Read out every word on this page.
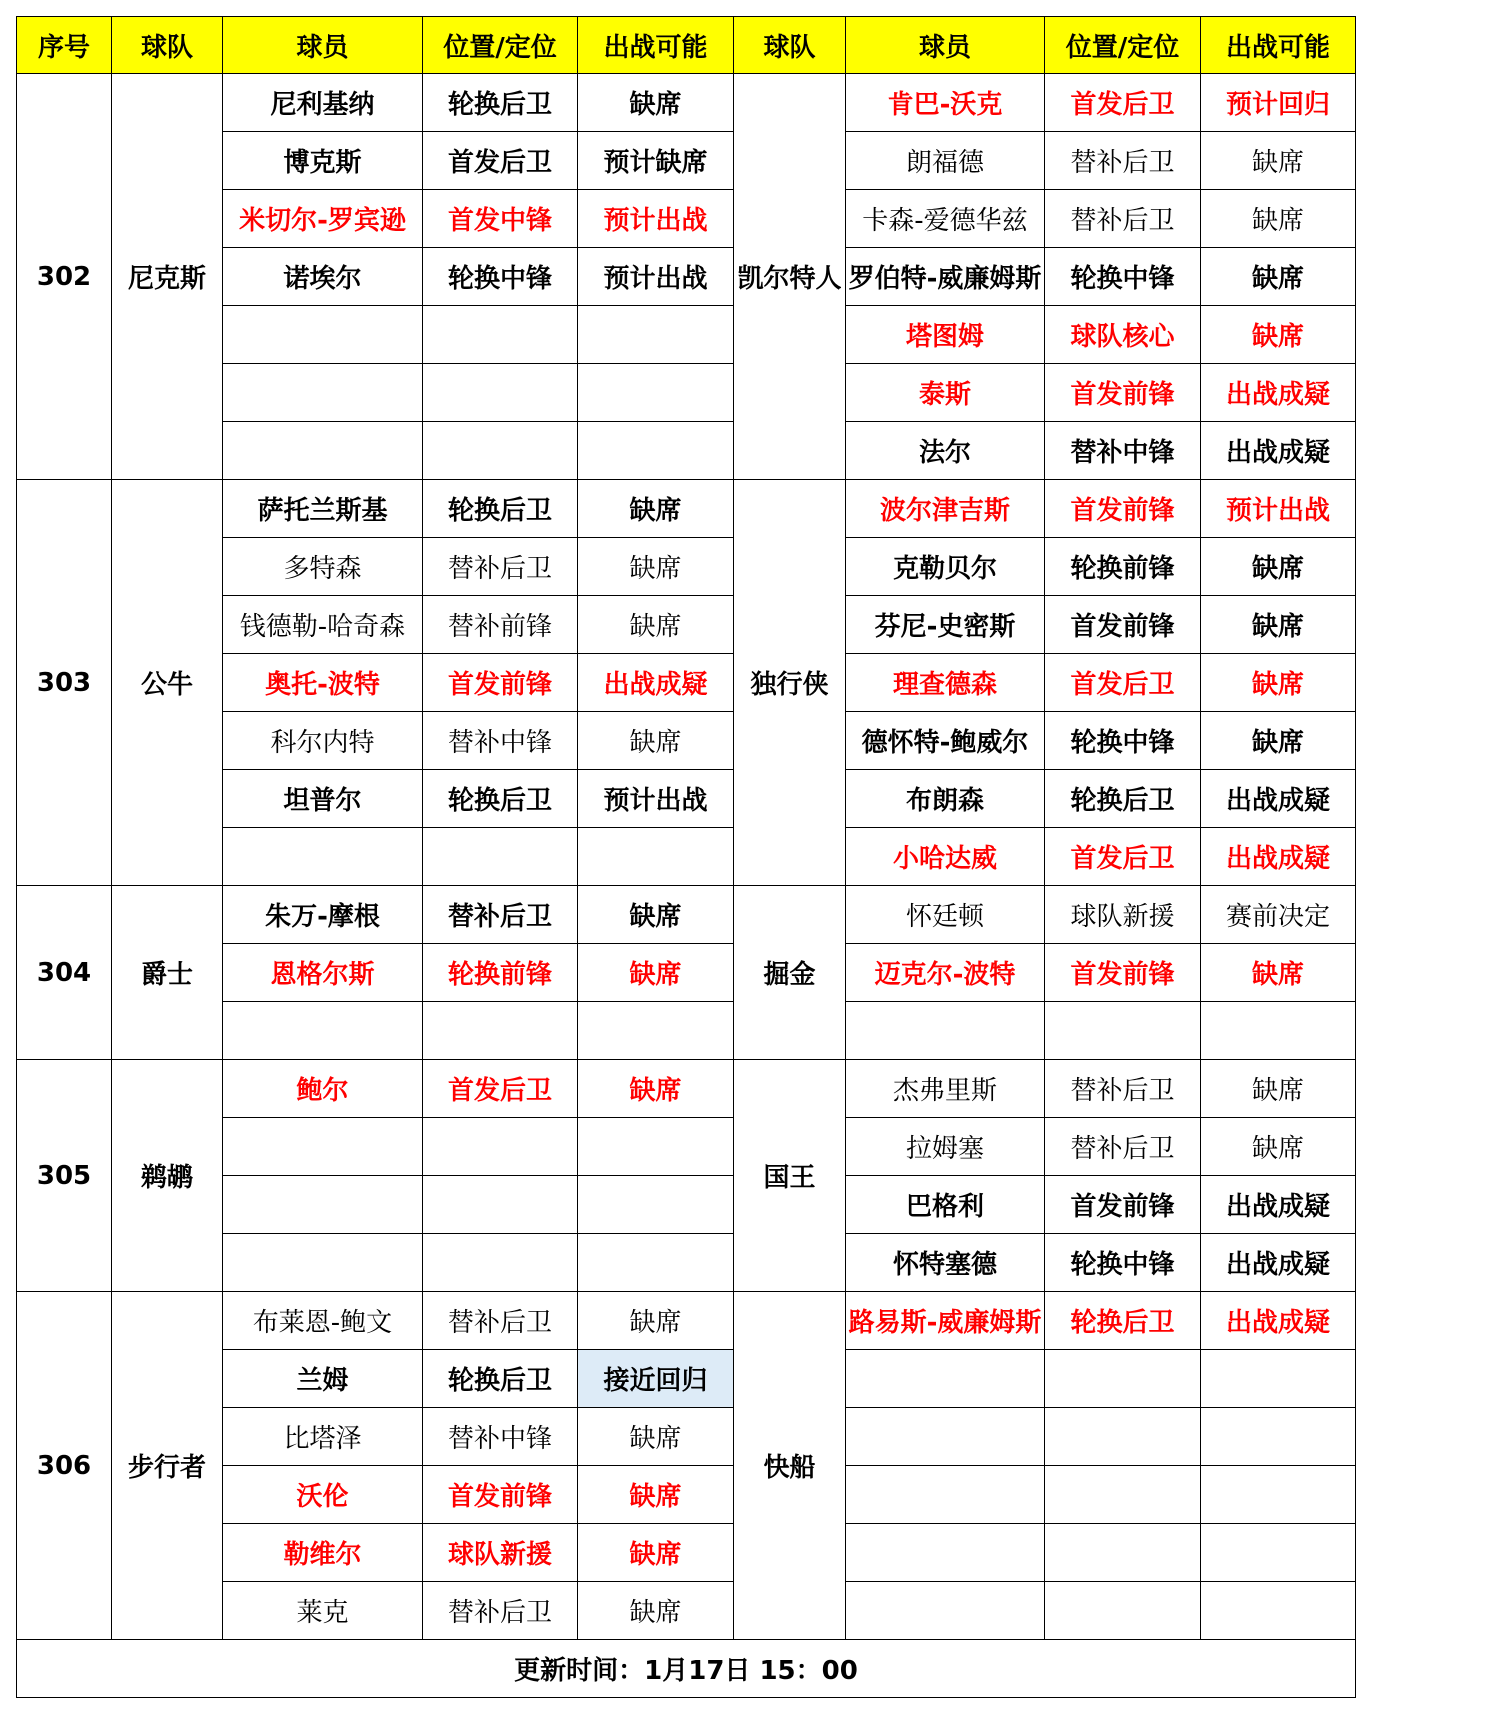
序号	球队	球员	位置/定位	出战可能	球队	球员	位置/定位	出战可能
302	尼克斯	尼利基纳	轮换后卫	缺席	凯尔特人	肯巴-沃克	首发后卫	预计回归
		博克斯	首发后卫	预计缺席		朗福德	替补后卫	缺席
		米切尔-罗宾逊	首发中锋	预计出战		卡森-爱德华兹	替补后卫	缺席
		诺埃尔	轮换中锋	预计出战		罗伯特-威廉姆斯	轮换中锋	缺席
						塔图姆	球队核心	缺席
						泰斯	首发前锋	出战成疑
						法尔	替补中锋	出战成疑
303	公牛	萨托兰斯基	轮换后卫	缺席	独行侠	波尔津吉斯	首发前锋	预计出战
		多特森	替补后卫	缺席		克勒贝尔	轮换前锋	缺席
		钱德勒-哈奇森	替补前锋	缺席		芬尼-史密斯	首发前锋	缺席
		奥托-波特	首发前锋	出战成疑		理查德森	首发后卫	缺席
		科尔内特	替补中锋	缺席		德怀特-鲍威尔	轮换中锋	缺席
		坦普尔	轮换后卫	预计出战		布朗森	轮换后卫	出战成疑
						小哈达威	首发后卫	出战成疑
304	爵士	朱万-摩根	替补后卫	缺席	掘金	怀廷顿	球队新援	赛前决定
		恩格尔斯	轮换前锋	缺席		迈克尔-波特	首发前锋	缺席

305	鹈鹕	鲍尔	首发后卫	缺席	国王	杰弗里斯	替补后卫	缺席
						拉姆塞	替补后卫	缺席
						巴格利	首发前锋	出战成疑
						怀特塞德	轮换中锋	出战成疑
306	步行者	布莱恩-鲍文	替补后卫	缺席	快船	路易斯-威廉姆斯	轮换后卫	出战成疑
		兰姆	轮换后卫	接近回归				
		比塔泽	替补中锋	缺席				
		沃伦	首发前锋	缺席				
		勒维尔	球队新援	缺席				
		莱克	替补后卫	缺席				
更新时间：1月17日 15：00								
